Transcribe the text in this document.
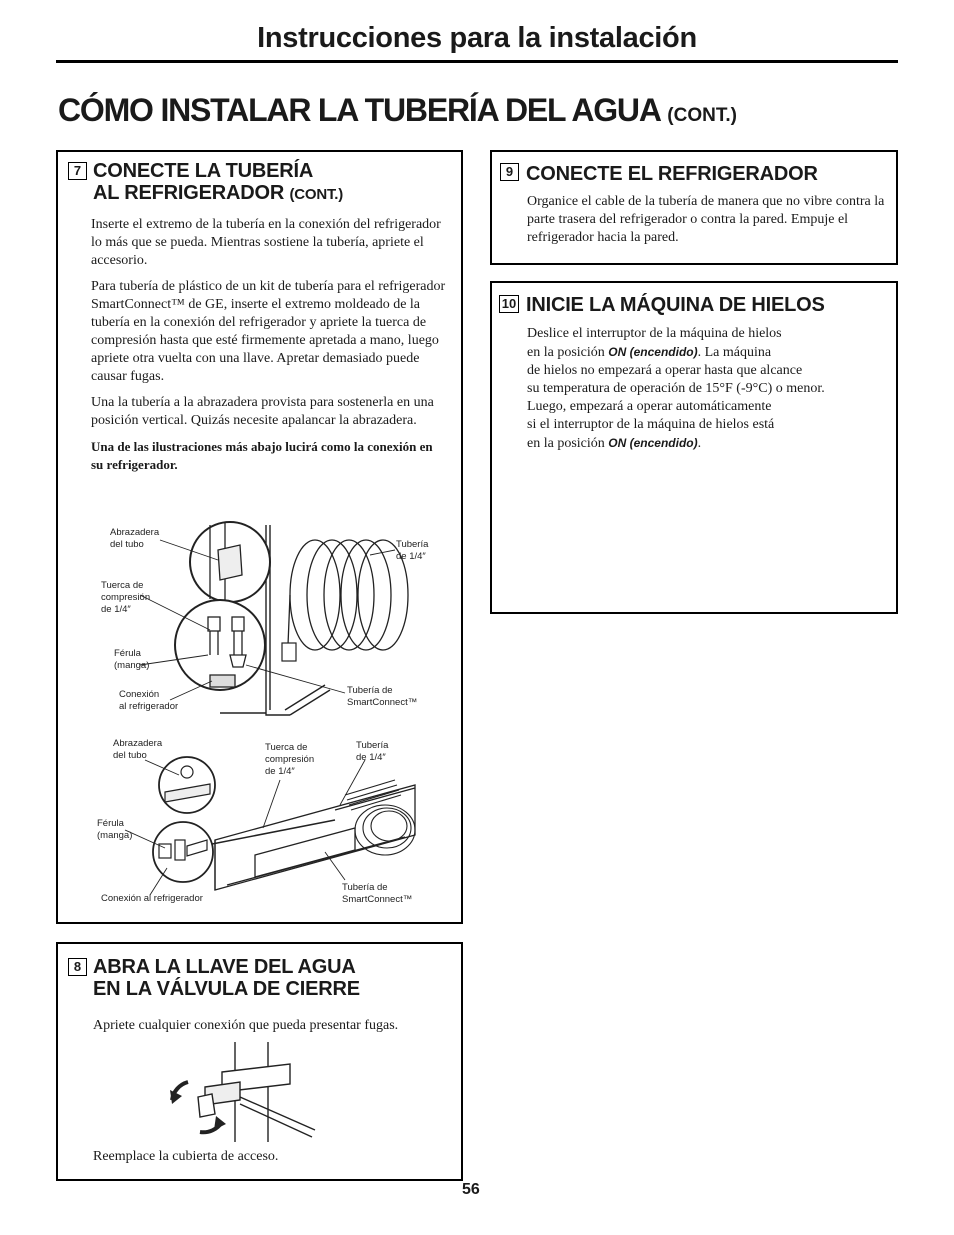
Instrucciones para la instalación
CÓMO INSTALAR LA TUBERÍA DEL AGUA (CONT.)
7 CONECTE LA TUBERÍA
AL REFRIGERADOR (CONT.)

Inserte el extremo de la tubería en la conexión del refrigerador lo más que se pueda. Mientras sostiene la tubería, apriete el accesorio.

Para tubería de plástico de un kit de tubería para el refrigerador SmartConnect™ de GE, inserte el extremo moldeado de la tubería en la conexión del refrigerador y apriete la tuerca de compresión hasta que esté firmemente apretada a mano, luego apriete otra vuelta con una llave. Apretar demasiado puede causar fugas.

Una la tubería a la abrazadera provista para sostenerla en una posición vertical. Quizás necesite apalancar la abrazadera.

Una de las ilustraciones más abajo lucirá como la conexión en su refrigerador.

Abrazadera
del tubo
Tuerca de
compresión
de 1/4″
Férula
(manga)
Conexión
al refrigerador
Tubería
de 1/4″
Tubería de
SmartConnect™
Abrazadera
del tubo
Tuerca de
compresión
de 1/4″
Tubería
de 1/4″
Férula
(manga)
Conexión al refrigerador
Tubería de
SmartConnect™
8 ABRA LA LLAVE DEL AGUA
EN LA VÁLVULA DE CIERRE
Apriete cualquier conexión que pueda presentar fugas.
Reemplace la cubierta de acceso.
9 CONECTE EL REFRIGERADOR
Organice el cable de la tubería de manera que no vibre contra la parte trasera del refrigerador o contra la pared. Empuje el refrigerador hacia la pared.
10 INICIE LA MÁQUINA DE HIELOS
Deslice el interruptor de la máquina de hielos
en la posición ON (encendido). La máquina
de hielos no empezará a operar hasta que alcance
su temperatura de operación de 15°F (-9°C) o menor.
Luego, empezará a operar automáticamente
si el interruptor de la máquina de hielos está
en la posición ON (encendido).
56
